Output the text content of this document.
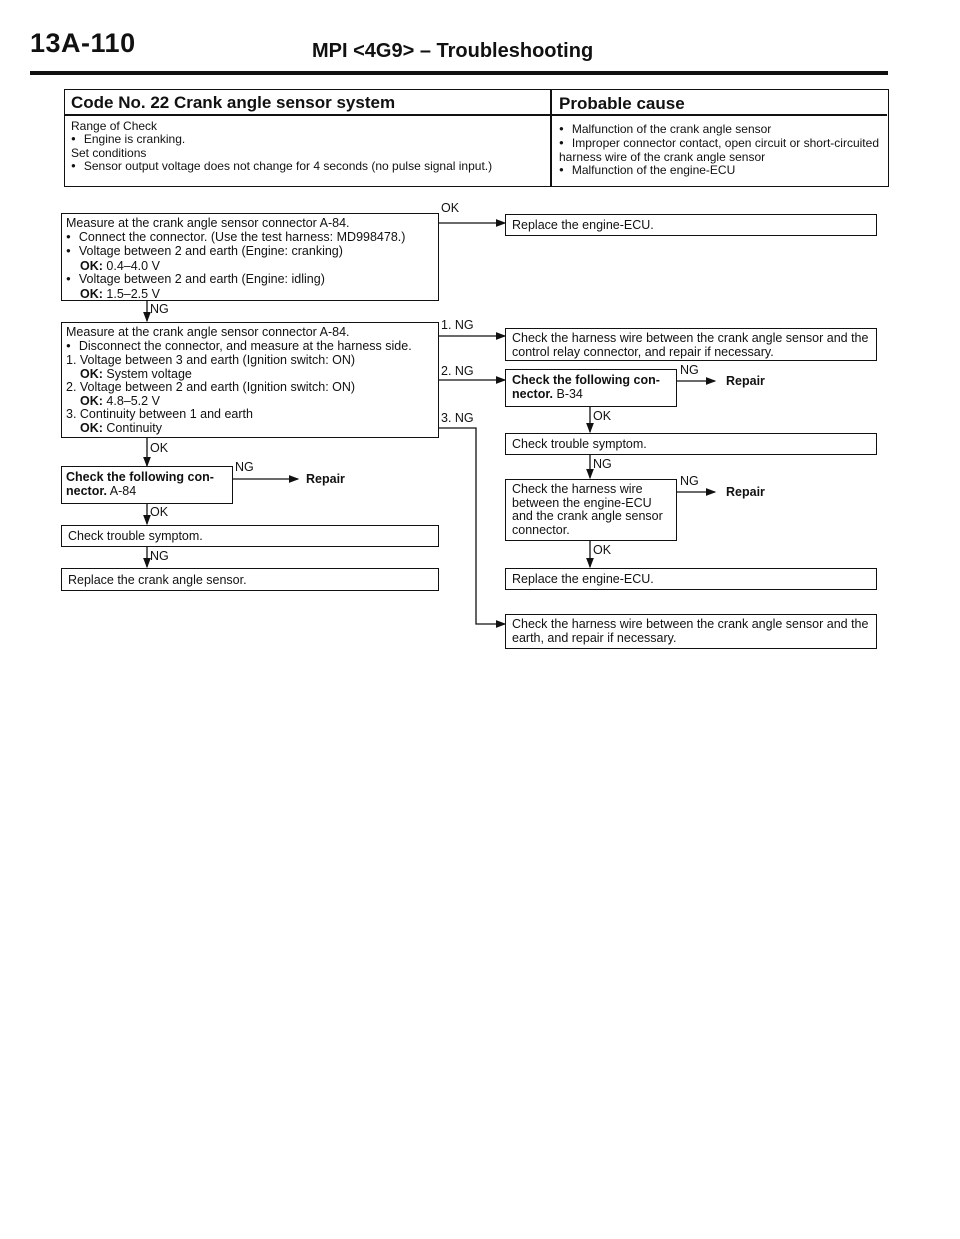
13A-110	MPI <4G9> – Troubleshooting
Code No. 22 Crank angle sensor system	Probable cause
Range of Check
● Engine is cranking.
Set conditions
● Sensor output voltage does not change for 4 seconds (no pulse signal input.)
● Malfunction of the crank angle sensor
● Improper connector contact, open circuit or short-circuited harness wire of the crank angle sensor
● Malfunction of the engine-ECU
Measure at the crank angle sensor connector A-84.
● Connect the connector. (Use the test harness: MD998478.)
● Voltage between 2 and earth (Engine: cranking)
OK: 0.4–4.0 V
● Voltage between 2 and earth (Engine: idling)
OK: 1.5–2.5 V
OK
NG
Measure at the crank angle sensor connector A-84.
● Disconnect the connector, and measure at the harness side.
1. Voltage between 3 and earth (Ignition switch: ON)
OK: System voltage
2. Voltage between 2 and earth (Ignition switch: ON)
OK: 4.8–5.2 V
3. Continuity between 1 and earth
OK: Continuity
1. NG
2. NG
3. NG
OK
Check the following con-
nector. A-84
NG
Repair
OK
Check trouble symptom.
NG
Replace the crank angle sensor.
Replace the engine-ECU.
Check the harness wire between the crank angle sensor and the control relay connector, and repair if necessary.
Check the following con-
nector. B-34
NG
Repair
OK
Check trouble symptom.
NG
Check the harness wire between the engine-ECU and the crank angle sensor connector.
NG
Repair
OK
Replace the engine-ECU.
Check the harness wire between the crank angle sensor and the earth, and repair if necessary.
